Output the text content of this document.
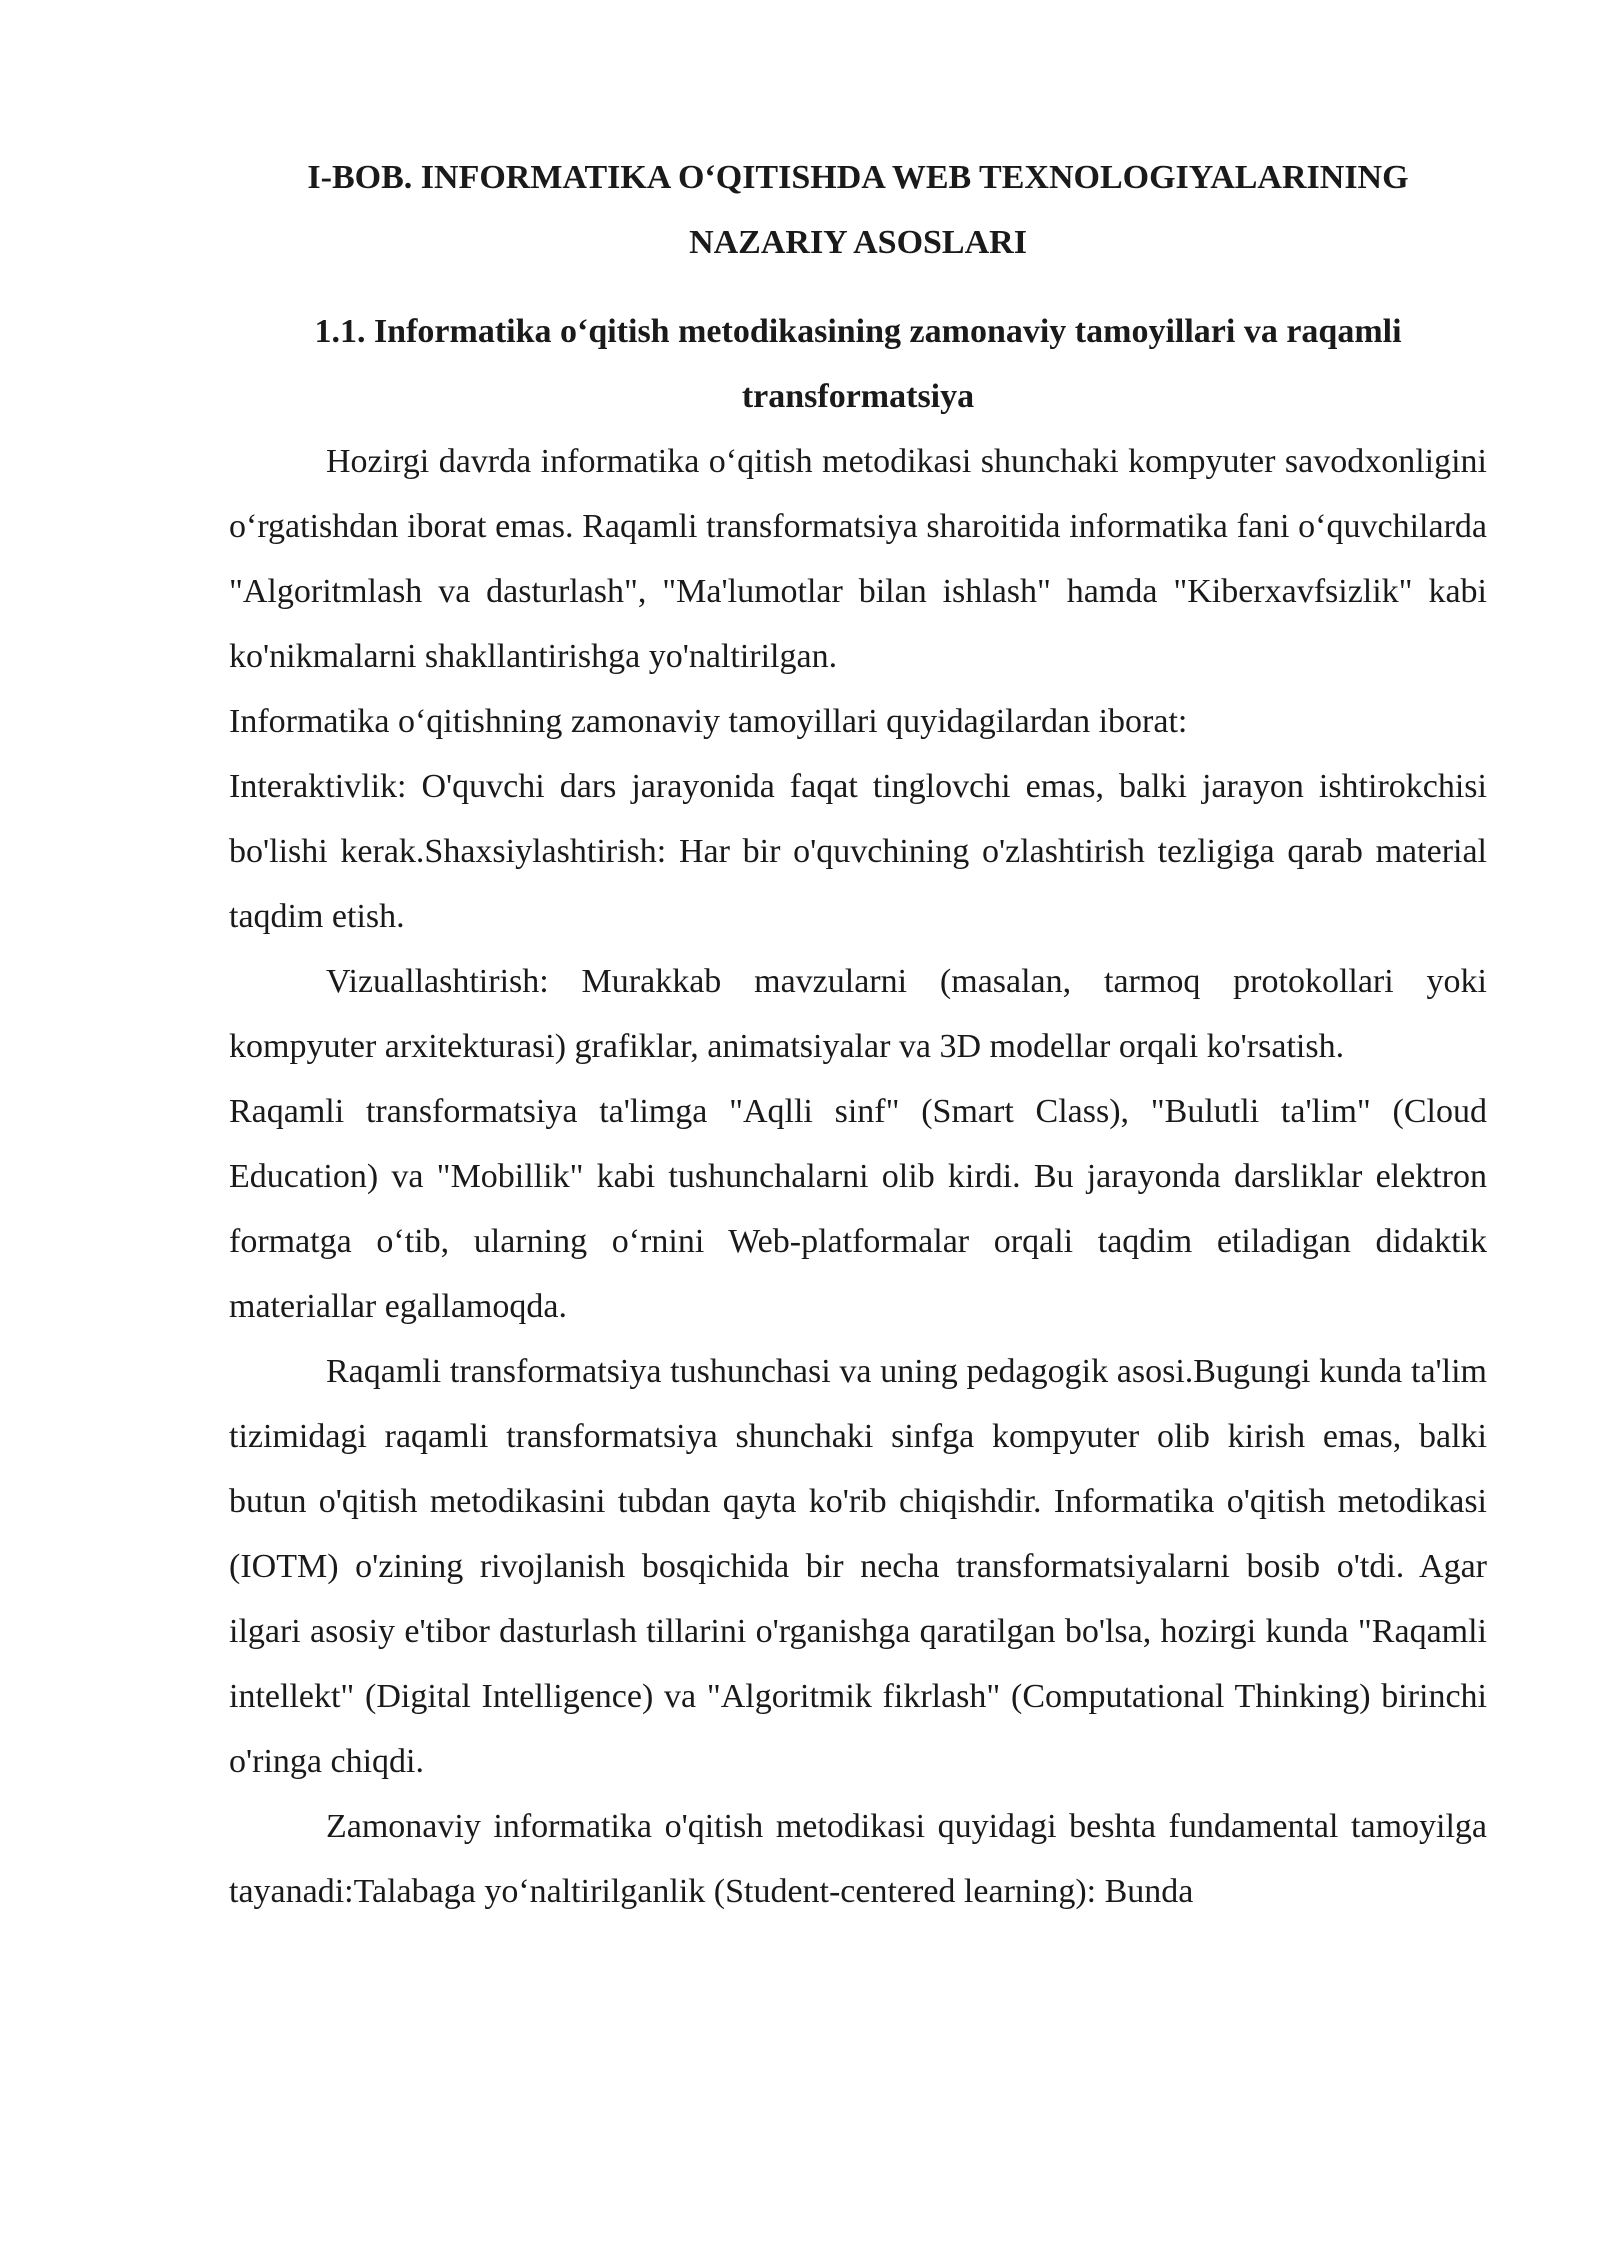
I-BOB. INFORMATIKA O‘QITISHDA WEB TEXNOLOGIYALARINING NAZARIY ASOSLARI
1.1. Informatika o‘qitish metodikasining zamonaviy tamoyillari va raqamli transformatsiya

Hozirgi davrda informatika o‘qitish metodikasi shunchaki kompyuter savodxonligini o‘rgatishdan iborat emas. Raqamli transformatsiya sharoitida informatika fani o‘quvchilarda "Algoritmlash va dasturlash", "Ma'lumotlar bilan ishlash" hamda "Kiberxavfsizlik" kabi ko'nikmalarni shakllantirishga yo'naltirilgan.

Informatika o‘qitishning zamonaviy tamoyillari quyidagilardan iborat:

Interaktivlik: O'quvchi dars jarayonida faqat tinglovchi emas, balki jarayon ishtirokchisi bo'lishi kerak.Shaxsiylashtirish: Har bir o'quvchining o'zlashtirish tezligiga qarab material taqdim etish.

Vizuallashtirish: Murakkab mavzularni (masalan, tarmoq protokollari yoki kompyuter arxitekturasi) grafiklar, animatsiyalar va 3D modellar orqali ko'rsatish.

Raqamli transformatsiya ta'limga "Aqlli sinf" (Smart Class), "Bulutli ta'lim" (Cloud Education) va "Mobillik" kabi tushunchalarni olib kirdi. Bu jarayonda darsliklar elektron formatga o‘tib, ularning o‘rnini Web-platformalar orqali taqdim etiladigan didaktik materiallar egallamoqda.

Raqamli transformatsiya tushunchasi va uning pedagogik asosi.Bugungi kunda ta'lim tizimidagi raqamli transformatsiya shunchaki sinfga kompyuter olib kirish emas, balki butun o'qitish metodikasini tubdan qayta ko'rib chiqishdir. Informatika o'qitish metodikasi (IOTM) o'zining rivojlanish bosqichida bir necha transformatsiyalarni bosib o'tdi. Agar ilgari asosiy e'tibor dasturlash tillarini o'rganishga qaratilgan bo'lsa, hozirgi kunda "Raqamli intellekt" (Digital Intelligence) va "Algoritmik fikrlash" (Computational Thinking) birinchi o'ringa chiqdi.

Zamonaviy informatika o'qitish metodikasi quyidagi beshta fundamental tamoyilga tayanadi:Talabaga yo‘naltirilganlik (Student-centered learning): Bunda
